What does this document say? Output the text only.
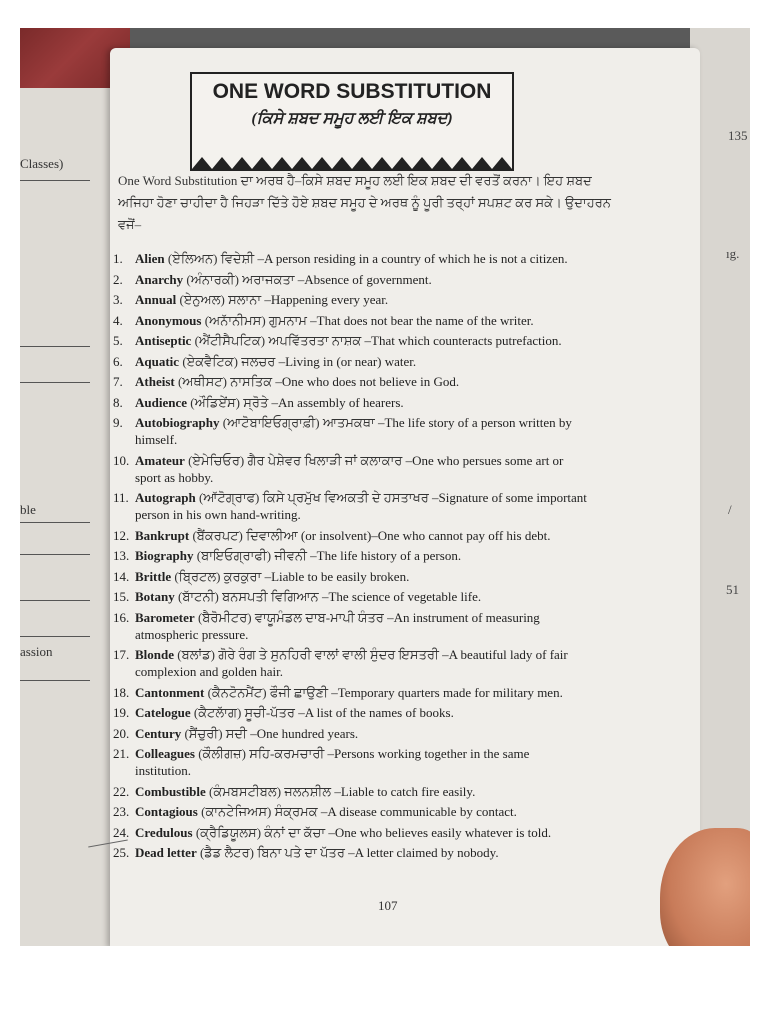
Classes)
ble
assion
135
ıg.
/
51
ONE WORD SUBSTITUTION
(ਕਿਸੇ ਸ਼ਬਦ ਸਮੂਹ ਲਈ ਇਕ ਸ਼ਬਦ)
One Word Substitution ਦਾ ਅਰਥ ਹੈ–ਕਿਸੇ ਸ਼ਬਦ ਸਮੂਹ ਲਈ ਇਕ ਸ਼ਬਦ ਦੀ ਵਰਤੋਂ ਕਰਨਾ। ਇਹ ਸ਼ਬਦ ਅਜਿਹਾ ਹੋਣਾ ਚਾਹੀਦਾ ਹੈ ਜਿਹੜਾ ਦਿੱਤੇ ਹੋਏ ਸ਼ਬਦ ਸਮੂਹ ਦੇ ਅਰਥ ਨੂੰ ਪੂਰੀ ਤਰ੍ਹਾਂ ਸਪਸ਼ਟ ਕਰ ਸਕੇ। ਉਦਾਹਰਨ ਵਜੋਂ–
1. Alien (ਏਲਿਅਨ) ਵਿਦੇਸ਼ੀ –A person residing in a country of which he is not a citizen.
2. Anarchy (ਅੰਨਾਰਕੀ) ਅਰਾਜਕਤਾ –Absence of government.
3. Annual (ਏਨੁਅਲ) ਸਲਾਨਾ –Happening every year.
4. Anonymous (ਅਨਾੱਨੀਮਸ) ਗੁਮਨਾਮ –That does not bear the name of the writer.
5. Antiseptic (ਐਂਟੀਸੈਪਟਿਕ) ਅਪਵਿੱਤਰਤਾ ਨਾਸ਼ਕ –That which counteracts putrefaction.
6. Aquatic (ਏਕਵੈਟਿਕ) ਜਲਚਰ –Living in (or near) water.
7. Atheist (ਅਥੀਸਟ) ਨਾਸਤਿਕ –One who does not believe in God.
8. Audience (ਔਡਿਏਂਸ) ਸ੍ਰੋਤੇ –An assembly of hearers.
9. Autobiography (ਆਟੋਬਾਇਓਗ੍ਰਾਫ਼ੀ) ਆਤਮਕਥਾ –The life story of a person written by
himself.
10. Amateur (ਏਮੇਚਿਓਰ) ਗੈਰ ਪੇਸ਼ੇਵਰ ਖਿਲਾੜੀ ਜਾਂ ਕਲਾਕਾਰ –One who persues some art or
sport as hobby.
11. Autograph (ਆੱਟੋਗ੍ਰਾਫ) ਕਿਸੇ ਪ੍ਰਮੁੱਖ ਵਿਅਕਤੀ ਦੇ ਹਸਤਾਖਰ –Signature of some important
person in his own hand-writing.
12. Bankrupt (ਬੈਂਕਰਪਟ) ਦਿਵਾਲੀਆ (or insolvent)–One who cannot pay off his debt.
13. Biography (ਬਾਇਓਗ੍ਰਾਫੀ) ਜੀਵਨੀ –The life history of a person.
14. Brittle (ਬ੍ਰਿਟਲ) ਕੁਰਕੁਰਾ –Liable to be easily broken.
15. Botany (ਬਾੱਟਨੀ) ਬਨਸਪਤੀ ਵਿਗਿਆਨ –The science of vegetable life.
16. Barometer (ਬੈਰੋਮੀਟਰ) ਵਾਯੂਮੰਡਲ ਦਾਬ-ਮਾਪੀ ਯੰਤਰ –An instrument of measuring
atmospheric pressure.
17. Blonde (ਬਲਾਂਡ) ਗੋਰੇ ਰੰਗ ਤੇ ਸੁਨਹਿਰੀ ਵਾਲਾਂ ਵਾਲੀ ਸੁੰਦਰ ਇਸਤਰੀ –A beautiful lady of fair
complexion and golden hair.
18. Cantonment (ਕੈਨਟੋਨਮੈਂਟ) ਫੌਜੀ ਛਾਉਣੀ –Temporary quarters made for military men.
19. Catelogue (ਕੈਟਲਾੱਗ) ਸੂਚੀ-ਪੱਤਰ –A list of the names of books.
20. Century (ਸੈਂਚੁਰੀ) ਸਦੀ –One hundred years.
21. Colleagues (ਕੌਲੀਗਜ਼) ਸਹਿ-ਕਰਮਚਾਰੀ –Persons working together in the same
institution.
22. Combustible (ਕੰਮਬਸਟੀਬਲ) ਜਲਨਸ਼ੀਲ –Liable to catch fire easily.
23. Contagious (ਕਾਨਟੇਜਿਅਸ) ਸੰਕ੍ਰਮਕ –A disease communicable by contact.
24. Credulous (ਕ੍ਰੈਡਿਯੂਲਸ) ਕੰਨਾਂ ਦਾ ਕੱਚਾ –One who believes easily whatever is told.
25. Dead letter (ਡੈਡ ਲੈਟਰ) ਬਿਨਾ ਪਤੇ ਦਾ ਪੱਤਰ –A letter claimed by nobody.
107
